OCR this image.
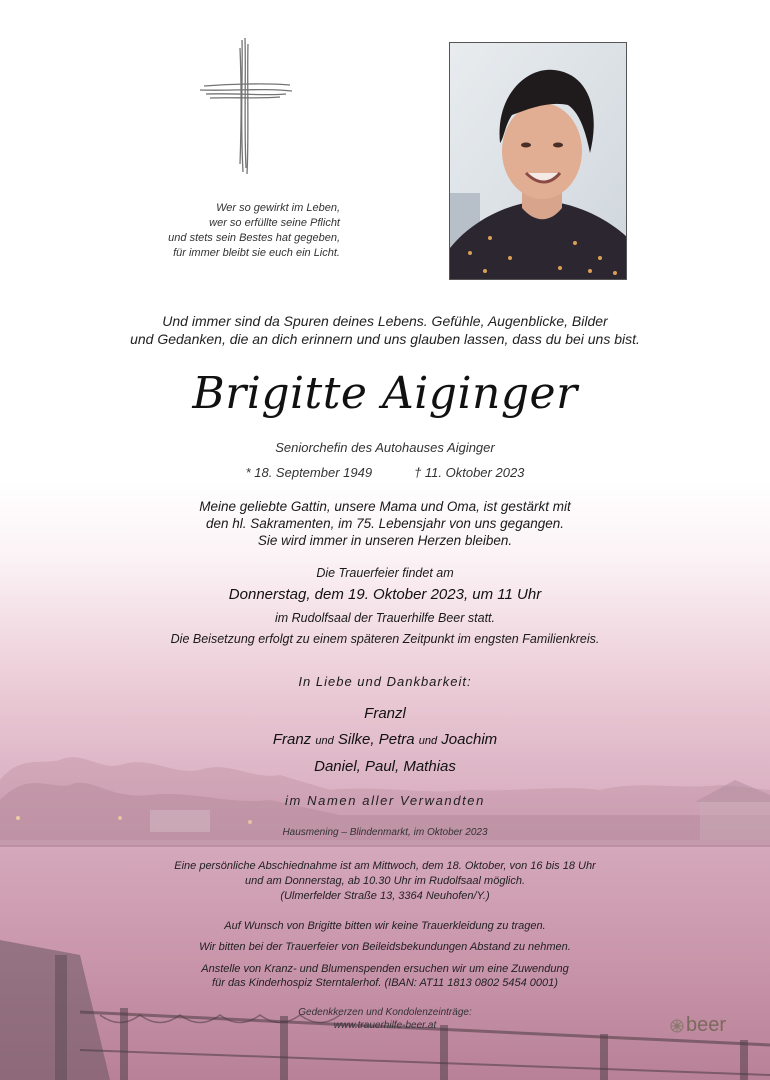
Wer so gewirkt im Leben,
wer so erfüllte seine Pflicht
und stets sein Bestes hat gegeben,
für immer bleibt sie euch ein Licht.
Und immer sind da Spuren deines Lebens. Gefühle, Augenblicke, Bilder
und Gedanken, die an dich erinnern und uns glauben lassen, dass du bei uns bist.
Brigitte Aiginger
Seniorchefin des Autohauses Aiginger
* 18. September 1949	† 11. Oktober 2023
Meine geliebte Gattin, unsere Mama und Oma, ist gestärkt mit
den hl. Sakramenten, im 75. Lebensjahr von uns gegangen.
Sie wird immer in unseren Herzen bleiben.
Die Trauerfeier findet am
Donnerstag, dem 19. Oktober 2023, um 11 Uhr
im Rudolfsaal der Trauerhilfe Beer statt.
Die Beisetzung erfolgt zu einem späteren Zeitpunkt im engsten Familienkreis.
In Liebe und Dankbarkeit:
Franzl
Franz und Silke, Petra und Joachim
Daniel, Paul, Mathias
im Namen aller Verwandten
Hausmening – Blindenmarkt, im Oktober 2023
Eine persönliche Abschiednahme ist am Mittwoch, dem 18. Oktober, von 16 bis 18 Uhr
und am Donnerstag, ab 10.30 Uhr im Rudolfsaal möglich.
(Ulmerfelder Straße 13, 3364 Neuhofen/Y.)
Auf Wunsch von Brigitte bitten wir keine Trauerkleidung zu tragen.
Wir bitten bei der Trauerfeier von Beileidsbekundungen Abstand zu nehmen.
Anstelle von Kranz- und Blumenspenden ersuchen wir um eine Zuwendung
für das Kinderhospiz Sterntalerhof. (IBAN: AT11 1813 0802 5454 0001)
Gedenkkerzen und Kondolenzeinträge:
www.trauerhilfe-beer.at	beer
